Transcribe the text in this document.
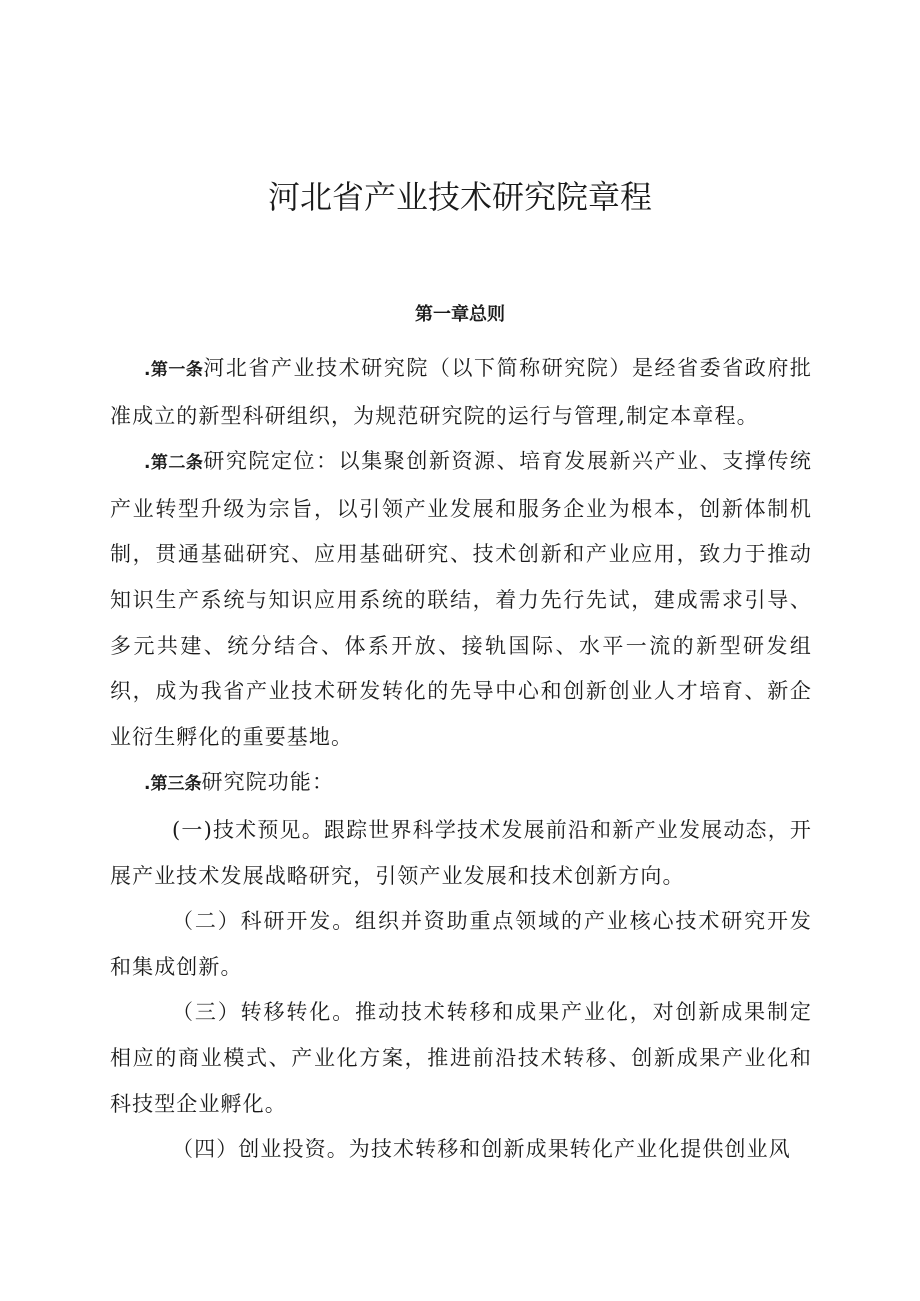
河北省产业技术研究院章程
第一章总则

.第一条河北省产业技术研究院（以下简称研究院）是经省委省政府批准成立的新型科研组织，为规范研究院的运行与管理,制定本章程。

.第二条研究院定位：以集聚创新资源、培育发展新兴产业、支撑传统产业转型升级为宗旨，以引领产业发展和服务企业为根本，创新体制机制，贯通基础研究、应用基础研究、技术创新和产业应用，致力于推动知识生产系统与知识应用系统的联结，着力先行先试，建成需求引导、多元共建、统分结合、体系开放、接轨国际、水平一流的新型研发组织，成为我省产业技术研发转化的先导中心和创新创业人才培育、新企业衍生孵化的重要基地。

.第三条研究院功能：

(一)技术预见。跟踪世界科学技术发展前沿和新产业发展动态，开展产业技术发展战略研究，引领产业发展和技术创新方向。

（二）科研开发。组织并资助重点领域的产业核心技术研究开发和集成创新。

（三）转移转化。推动技术转移和成果产业化，对创新成果制定相应的商业模式、产业化方案，推进前沿技术转移、创新成果产业化和科技型企业孵化。

（四）创业投资。为技术转移和创新成果转化产业化提供创业风
